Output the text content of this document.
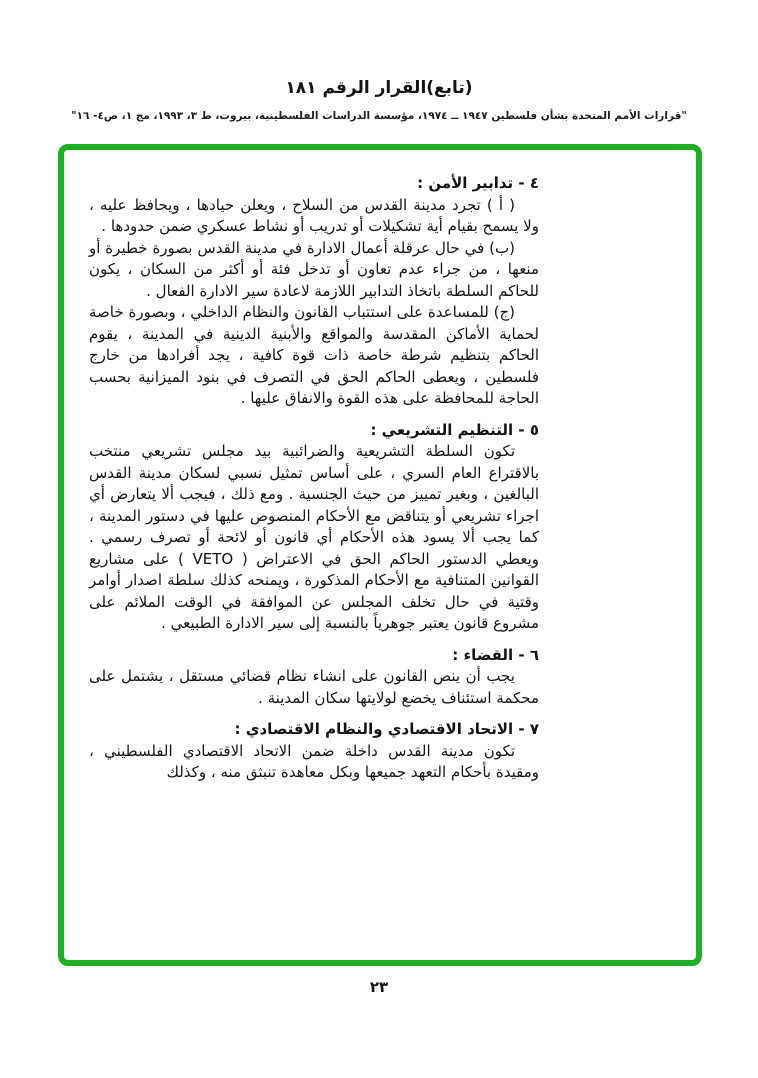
(تابع)القرار الرقم ١٨١
"قرارات الأمم المتحدة بشأن فلسطين ١٩٤٧ ــ ١٩٧٤، مؤسسة الدراسات الفلسطينية، بيروت، ط ٣، ١٩٩٣، مج ١، ص٤- ١٦"
٤ - تدابير الأمن :

( أ ) تجرد مدينة القدس من السلاح ، ويعلن حيادها ، ويحافظ عليه ، ولا يسمح بقيام أية تشكيلات أو تدريب أو نشاط عسكري ضمن حدودها .

(ب) في حال عرقلة أعمال الادارة في مدينة القدس بصورة خطيرة أو منعها ، من جراء عدم تعاون أو تدخل فئة أو أكثر من السكان ، يكون للحاكم السلطة باتخاذ التدابير اللازمة لاعادة سير الادارة الفعال .

(ج) للمساعدة على استتباب القانون والنظام الداخلي ، وبصورة خاصة لحماية الأماكن المقدسة والمواقع والأبنية الدينية في المدينة ، يقوم الحاكم بتنظيم شرطة خاصة ذات قوة كافية ، يجد أفرادها من خارج فلسطين ، ويعطى الحاكم الحق في التصرف في بنود الميزانية بحسب الحاجة للمحافظة على هذه القوة والانفاق عليها .

٥ - التنظيم التشريعي :

تكون السلطة التشريعية والضرائبية بيد مجلس تشريعي منتخب بالاقتراع العام السري ، على أساس تمثيل نسبي لسكان مدينة القدس البالغين ، وبغير تمييز من حيث الجنسية . ومع ذلك ، فيجب ألا يتعارض أي اجراء تشريعي أو يتناقض مع الأحكام المنصوص عليها في دستور المدينة ، كما يجب ألا يسود هذه الأحكام أي قانون أو لائحة أو تصرف رسمي . ويعطي الدستور الحاكم الحق في الاعتراض ( VETO ) على مشاريع القوانين المتنافية مع الأحكام المذكورة ، ويمنحه كذلك سلطة اصدار أوامر وقتية في حال تخلف المجلس عن الموافقة في الوقت الملائم على مشروع قانون يعتبر جوهرياً بالنسبة إلى سير الادارة الطبيعي .

٦ - القضاء :

يجب أن ينص القانون على انشاء نظام قضائي مستقل ، يشتمل على محكمة استئناف يخضع لولايتها سكان المدينة .

٧ - الاتحاد الاقتصادي والنظام الاقتصادي :

تكون مدينة القدس داخلة ضمن الاتحاد الاقتصادي الفلسطيني ، ومقيدة بأحكام التعهد جميعها وبكل معاهدة تنبثق منه ، وكذلك

٢٣
